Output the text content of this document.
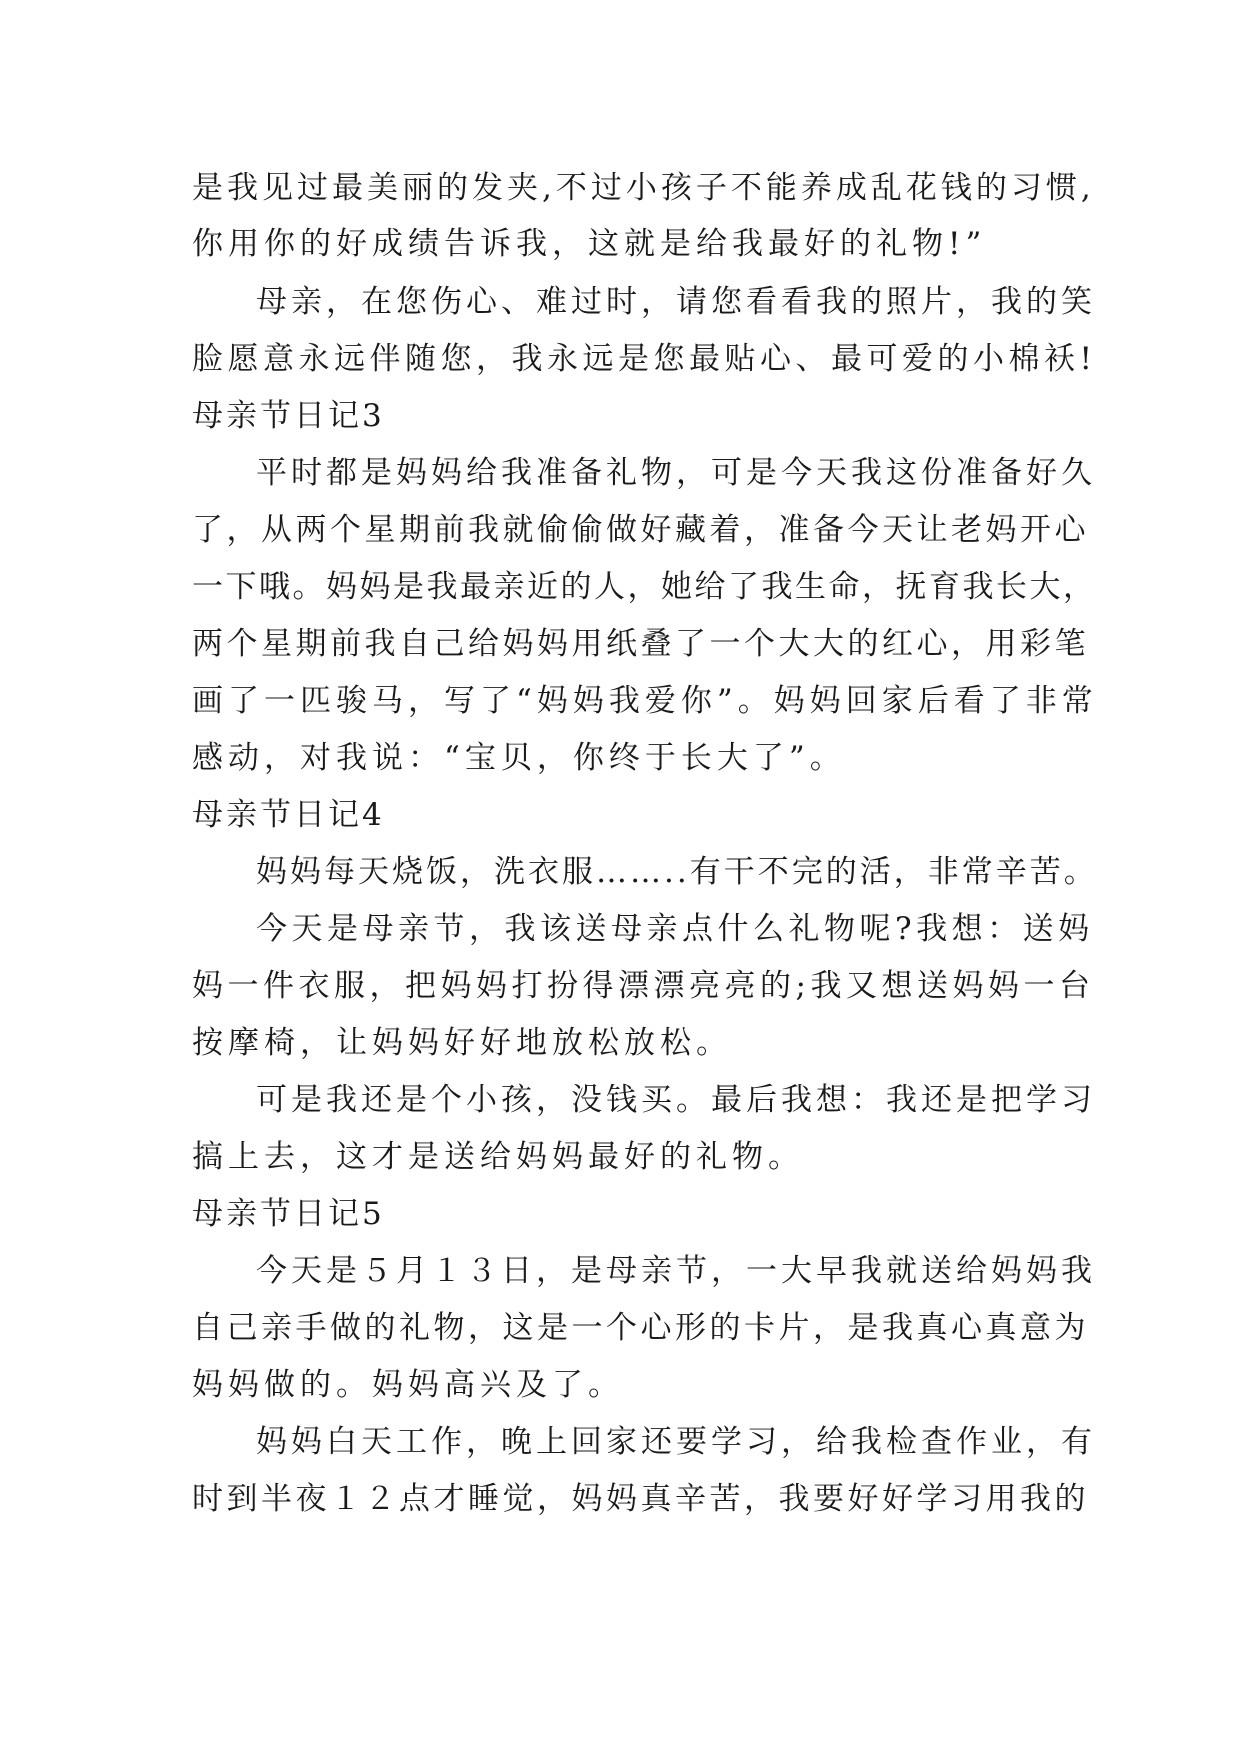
是我见过最美丽的发夹,不过小孩子不能养成乱花钱的习惯,
你用你的好成绩告诉我，这就是给我最好的礼物!”
母亲，在您伤心、难过时，请您看看我的照片，我的笑
脸愿意永远伴随您，我永远是您最贴心、最可爱的小棉袄!
母亲节日记3
平时都是妈妈给我准备礼物，可是今天我这份准备好久
了，从两个星期前我就偷偷做好藏着，准备今天让老妈开心
一下哦。妈妈是我最亲近的人，她给了我生命，抚育我长大，
两个星期前我自己给妈妈用纸叠了一个大大的红心，用彩笔
画了一匹骏马，写了“妈妈我爱你”。妈妈回家后看了非常
感动，对我说：“宝贝，你终于长大了”。
母亲节日记4
妈妈每天烧饭，洗衣服……..有干不完的活，非常辛苦。
今天是母亲节，我该送母亲点什么礼物呢?我想：送妈
妈一件衣服，把妈妈打扮得漂漂亮亮的;我又想送妈妈一台
按摩椅，让妈妈好好地放松放松。
可是我还是个小孩，没钱买。最后我想：我还是把学习
搞上去，这才是送给妈妈最好的礼物。
母亲节日记5
今天是５月１３日，是母亲节，一大早我就送给妈妈我
自己亲手做的礼物，这是一个心形的卡片，是我真心真意为
妈妈做的。妈妈高兴及了。
妈妈白天工作，晚上回家还要学习，给我检查作业，有
时到半夜１２点才睡觉，妈妈真辛苦，我要好好学习用我的
